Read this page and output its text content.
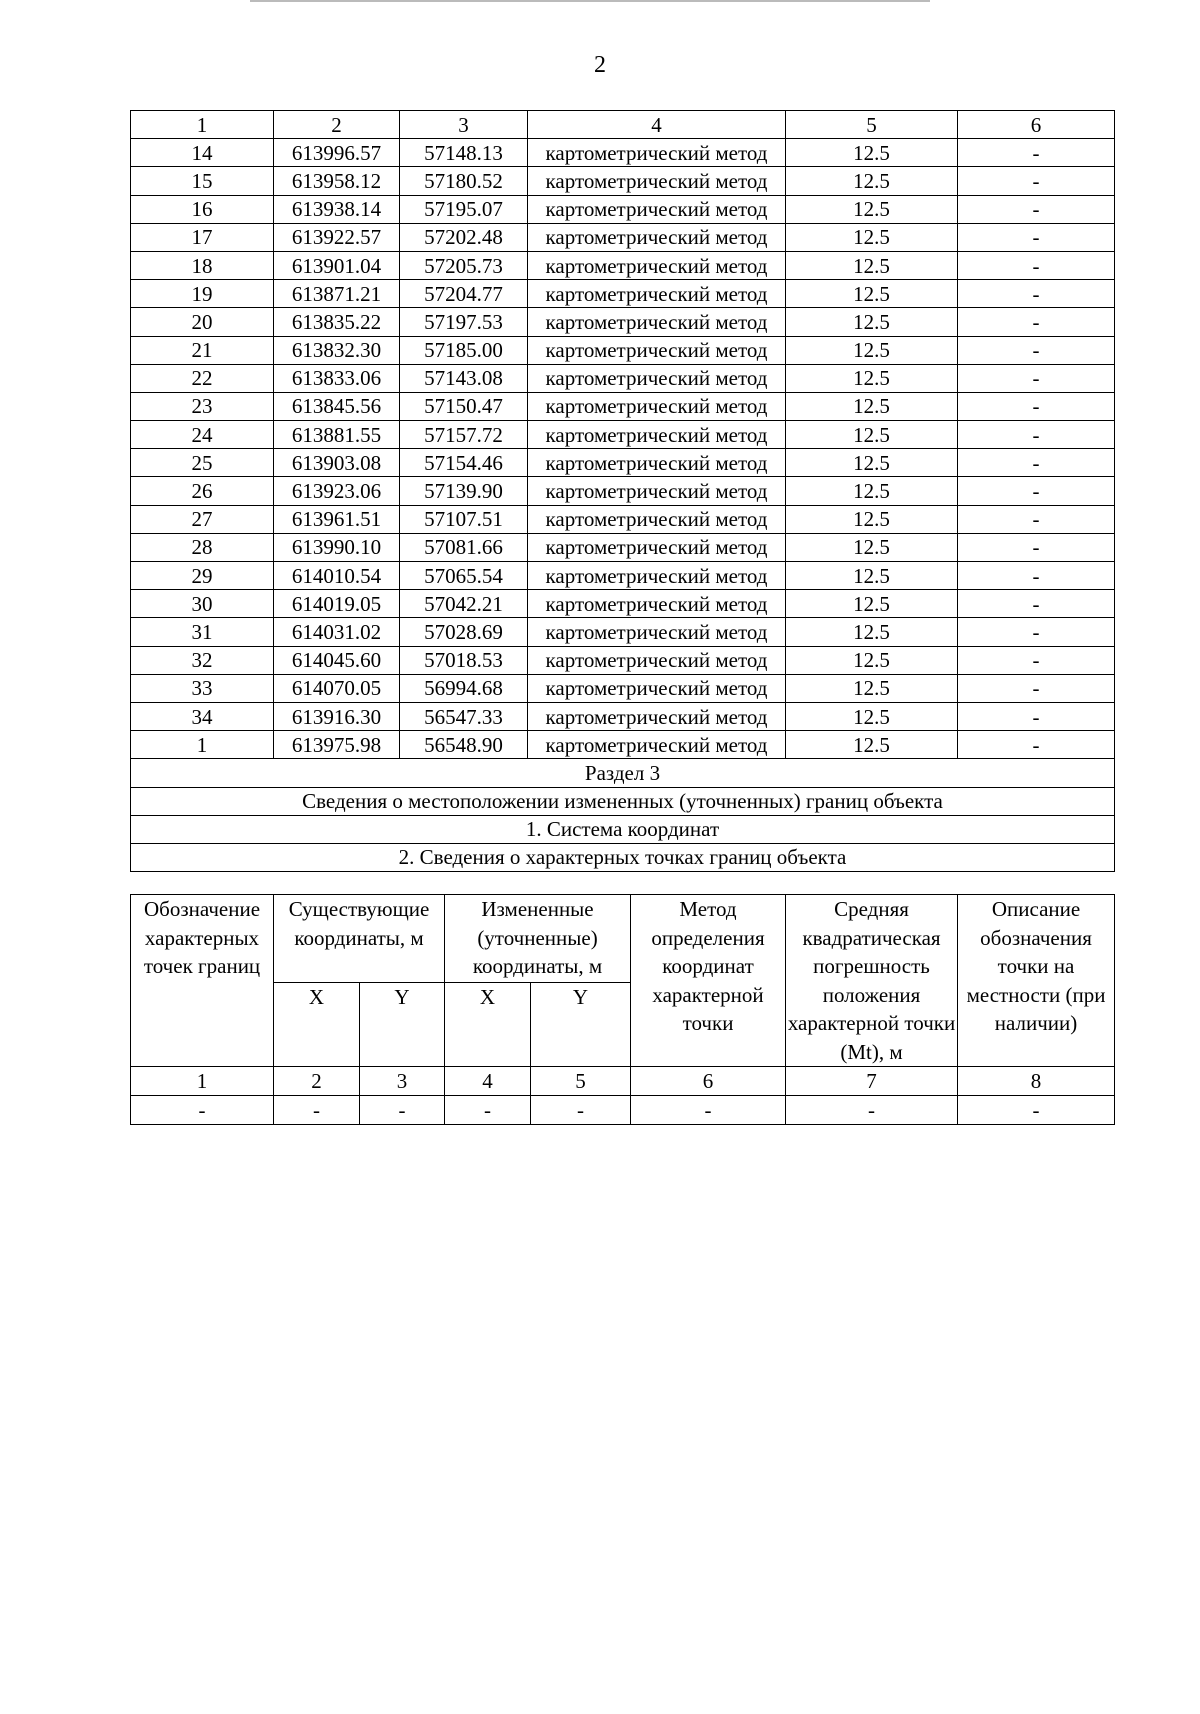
2
1	2	3	4	5	6
14	613996.57	57148.13	картометрический метод	12.5	-
15	613958.12	57180.52	картометрический метод	12.5	-
16	613938.14	57195.07	картометрический метод	12.5	-
17	613922.57	57202.48	картометрический метод	12.5	-
18	613901.04	57205.73	картометрический метод	12.5	-
19	613871.21	57204.77	картометрический метод	12.5	-
20	613835.22	57197.53	картометрический метод	12.5	-
21	613832.30	57185.00	картометрический метод	12.5	-
22	613833.06	57143.08	картометрический метод	12.5	-
23	613845.56	57150.47	картометрический метод	12.5	-
24	613881.55	57157.72	картометрический метод	12.5	-
25	613903.08	57154.46	картометрический метод	12.5	-
26	613923.06	57139.90	картометрический метод	12.5	-
27	613961.51	57107.51	картометрический метод	12.5	-
28	613990.10	57081.66	картометрический метод	12.5	-
29	614010.54	57065.54	картометрический метод	12.5	-
30	614019.05	57042.21	картометрический метод	12.5	-
31	614031.02	57028.69	картометрический метод	12.5	-
32	614045.60	57018.53	картометрический метод	12.5	-
33	614070.05	56994.68	картометрический метод	12.5	-
34	613916.30	56547.33	картометрический метод	12.5	-
1	613975.98	56548.90	картометрический метод	12.5	-
Раздел 3					
Сведения о местоположении измененных (уточненных) границ объекта					
1. Система координат					
2. Сведения о характерных точках границ объекта					
Обозначение характерных точек границ	Существующие координаты, м		Измененные (уточненные) координаты, м		Метод определения координат характерной точки	Средняя квадратическая погрешность положения характерной точки (Mt), м	Описание обозначения точки на местности (при наличии)
	X	Y	X	Y			
1	2	3	4	5	6	7	8
-	-	-	-	-	-	-	-
